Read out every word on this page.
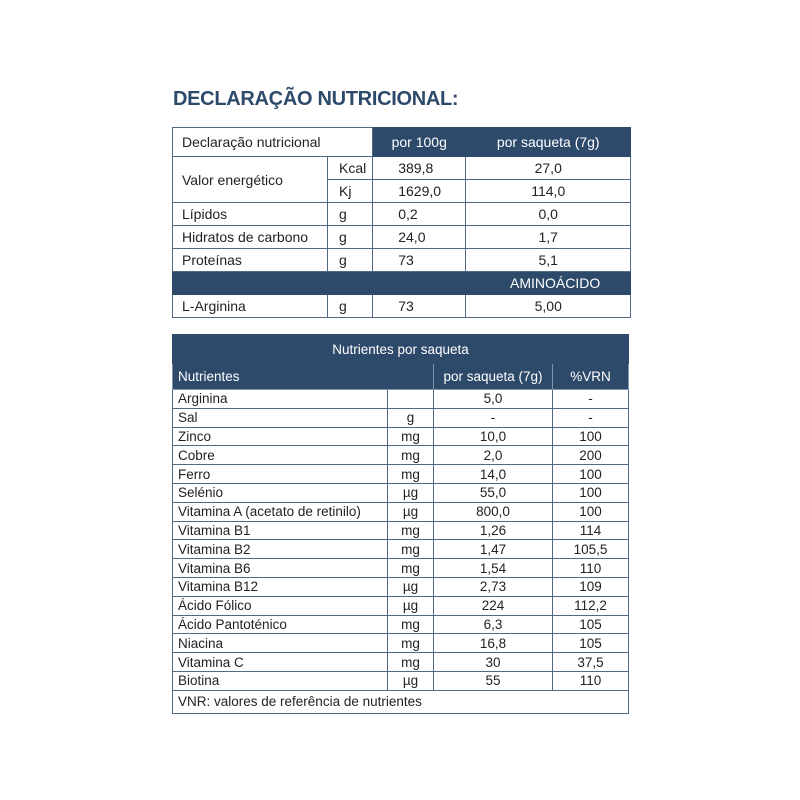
DECLARAÇÃO NUTRICIONAL:
Declaração nutricional		por 100g	por saqueta (7g)
Valor energético	Kcal	389,8	27,0
	Kj	1629,0	114,0
Lípidos	g	0,2	0,0
Hidratos de carbono	g	24,0	1,7
Proteínas	g	73	5,1
AMINOÁCIDO			
L-Arginina	g	73	5,00
Nutrientes por saqueta			
Nutrientes		por saqueta (7g)	%VRN
Arginina		5,0	-
Sal	g	-	-
Zinco	mg	10,0	100
Cobre	mg	2,0	200
Ferro	mg	14,0	100
Selénio	µg	55,0	100
Vitamina A (acetato de retinilo)	µg	800,0	100
Vitamina B1	mg	1,26	114
Vitamina B2	mg	1,47	105,5
Vitamina B6	mg	1,54	110
Vitamina B12	µg	2,73	109
Ácido Fólico	µg	224	112,2
Ácido Pantoténico	mg	6,3	105
Niacina	mg	16,8	105
Vitamina C	mg	30	37,5
Biotina	µg	55	110
VNR: valores de referência de nutrientes			
